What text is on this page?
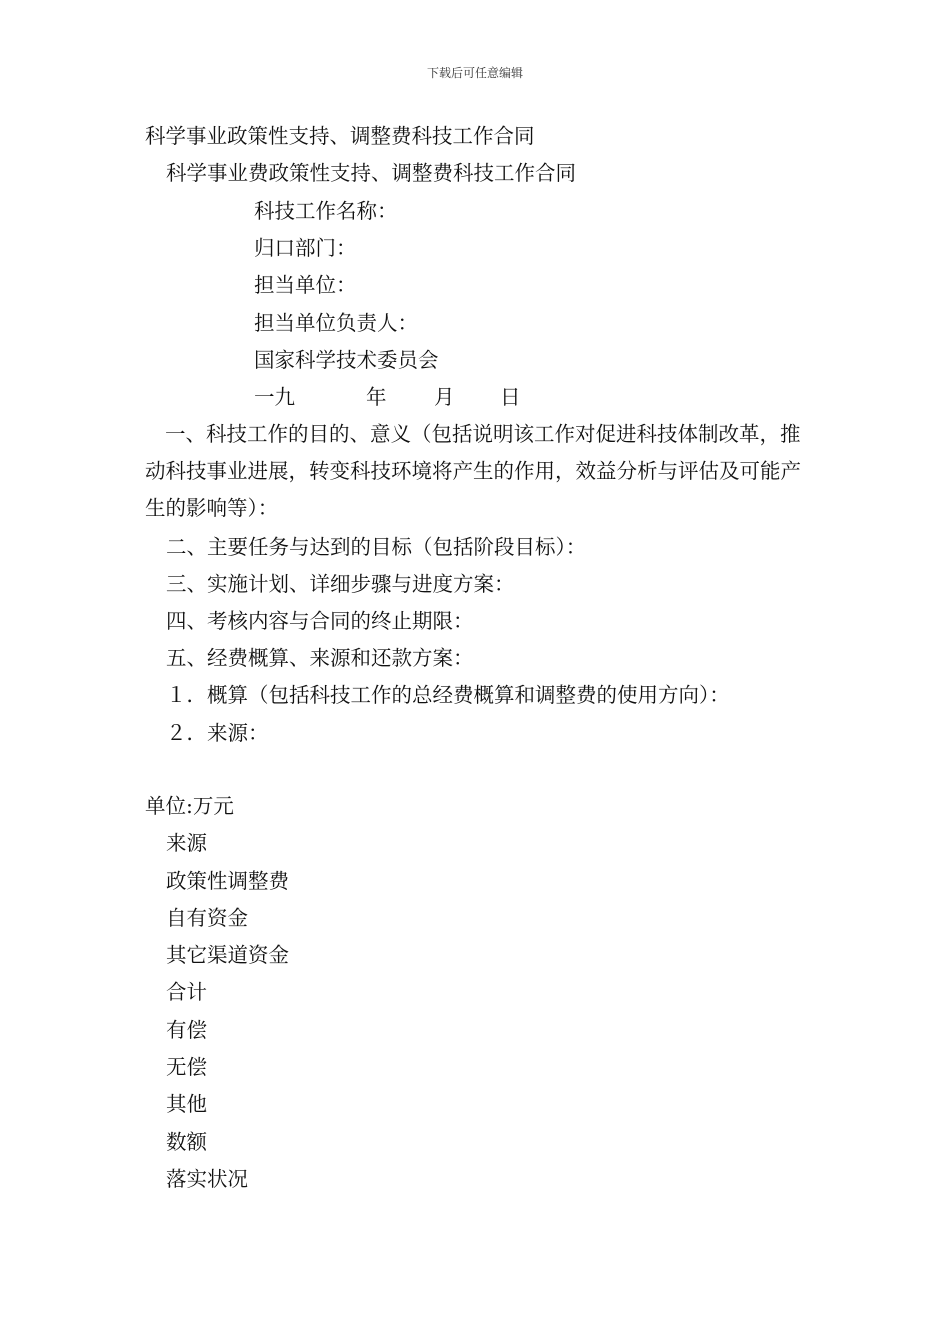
下载后可任意编辑
科学事业政策性支持、调整费科技工作合同
科学事业费政策性支持、调整费科技工作合同
科技工作名称：
归口部门：
担当单位：
担当单位负责人：
国家科学技术委员会
一九	年 月 日
一、科技工作的目的、意义（包括说明该工作对促进科技体制改革，推动科技事业进展，转变科技环境将产生的作用，效益分析与评估及可能产生的影响等）：
二、主要任务与达到的目标（包括阶段目标）：
三、实施计划、详细步骤与进度方案：
四、考核内容与合同的终止期限：
五、经费概算、来源和还款方案：
１．概算（包括科技工作的总经费概算和调整费的使用方向）：
２．来源：
单位:万元
来源
政策性调整费
自有资金
其它渠道资金
合计
有偿
无偿
其他
数额
落实状况
